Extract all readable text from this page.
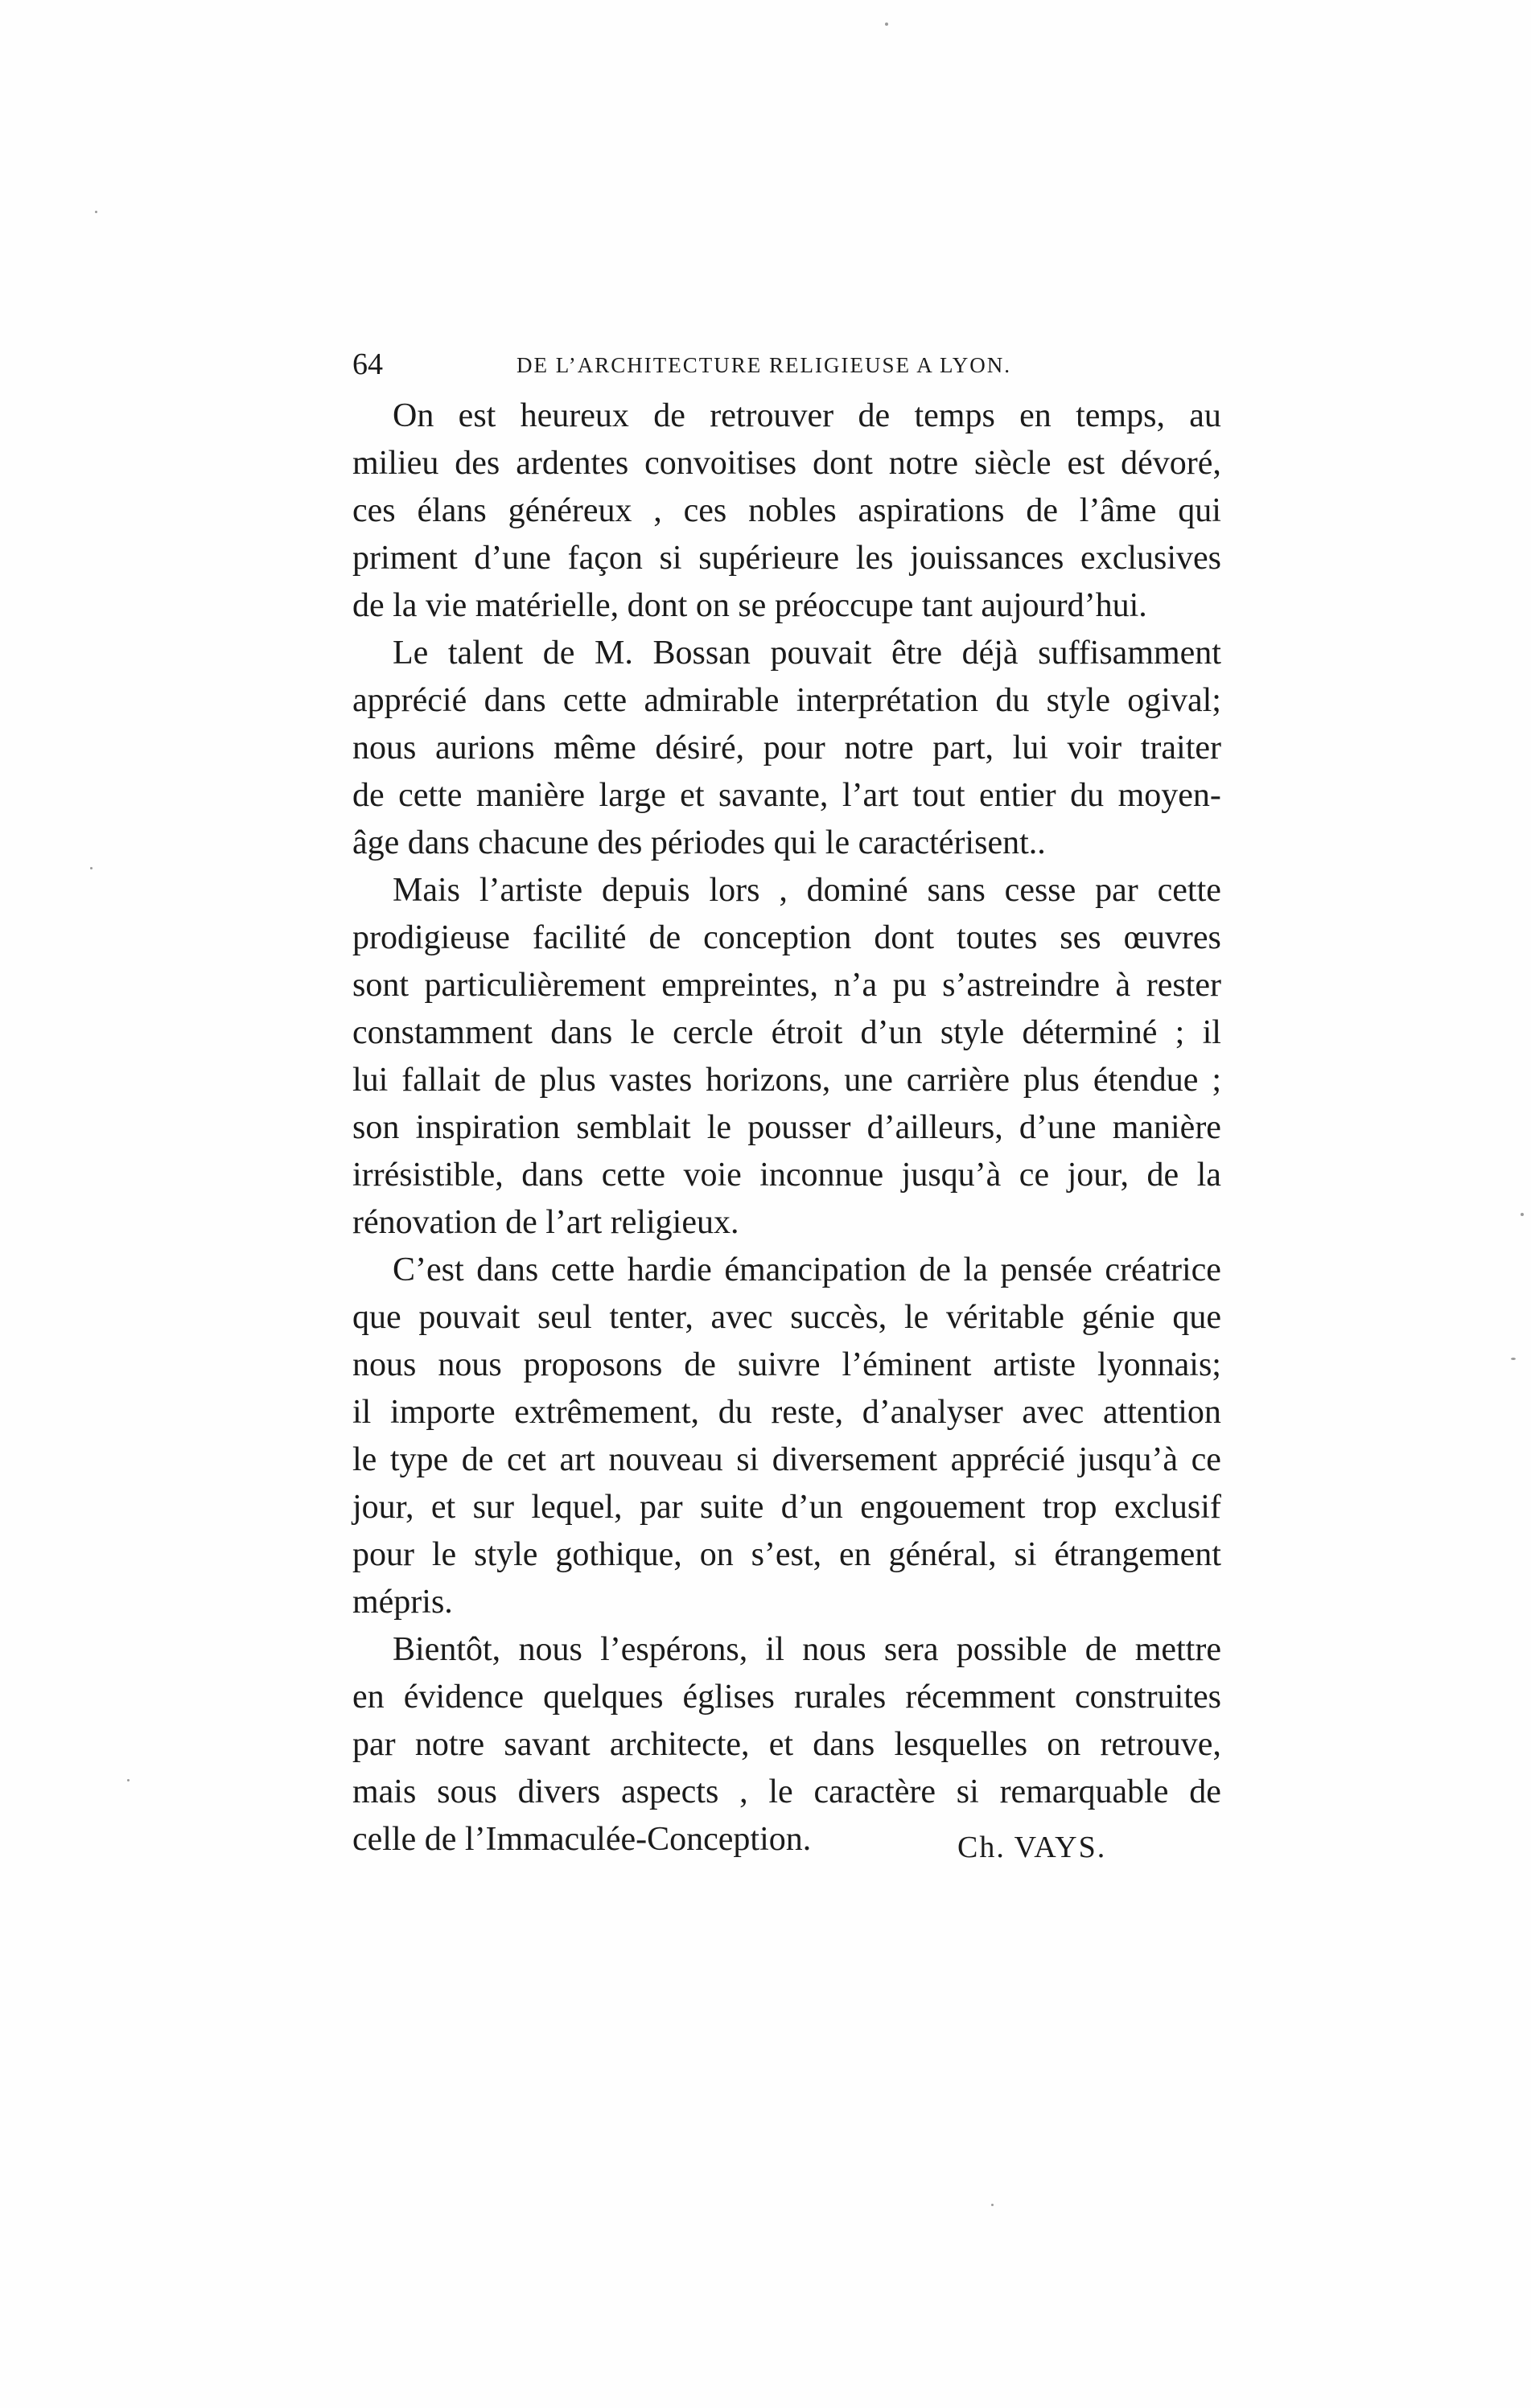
64	DE L’ARCHITECTURE RELIGIEUSE A LYON.
On est heureux de retrouver de temps en temps, au
milieu des ardentes convoitises dont notre siècle est dévoré,
ces élans généreux , ces nobles aspirations de l’âme qui
priment d’une façon si supérieure les jouissances exclusives
de la vie matérielle, dont on se préoccupe tant aujourd’hui.
Le talent de M. Bossan pouvait être déjà suffisamment
apprécié dans cette admirable interprétation du style ogival;
nous aurions même désiré, pour notre part, lui voir traiter
de cette manière large et savante, l’art tout entier du moyen-
âge dans chacune des périodes qui le caractérisent..
Mais l’artiste depuis lors , dominé sans cesse par cette
prodigieuse facilité de conception dont toutes ses œuvres
sont particulièrement empreintes, n’a pu s’astreindre à rester
constamment dans le cercle étroit d’un style déterminé ; il
lui fallait de plus vastes horizons, une carrière plus étendue ;
son inspiration semblait le pousser d’ailleurs, d’une manière
irrésistible, dans cette voie inconnue jusqu’à ce jour, de la
rénovation de l’art religieux.
C’est dans cette hardie émancipation de la pensée créatrice
que pouvait seul tenter, avec succès, le véritable génie que
nous nous proposons de suivre l’éminent artiste lyonnais;
il importe extrêmement, du reste, d’analyser avec attention
le type de cet art nouveau si diversement apprécié jusqu’à ce
jour, et sur lequel, par suite d’un engouement trop exclusif
pour le style gothique, on s’est, en général, si étrangement
mépris.
Bientôt, nous l’espérons, il nous sera possible de mettre
en évidence quelques églises rurales récemment construites
par notre savant architecte, et dans lesquelles on retrouve,
mais sous divers aspects , le caractère si remarquable de
celle de l’Immaculée-Conception.	Ch. VAYS.
